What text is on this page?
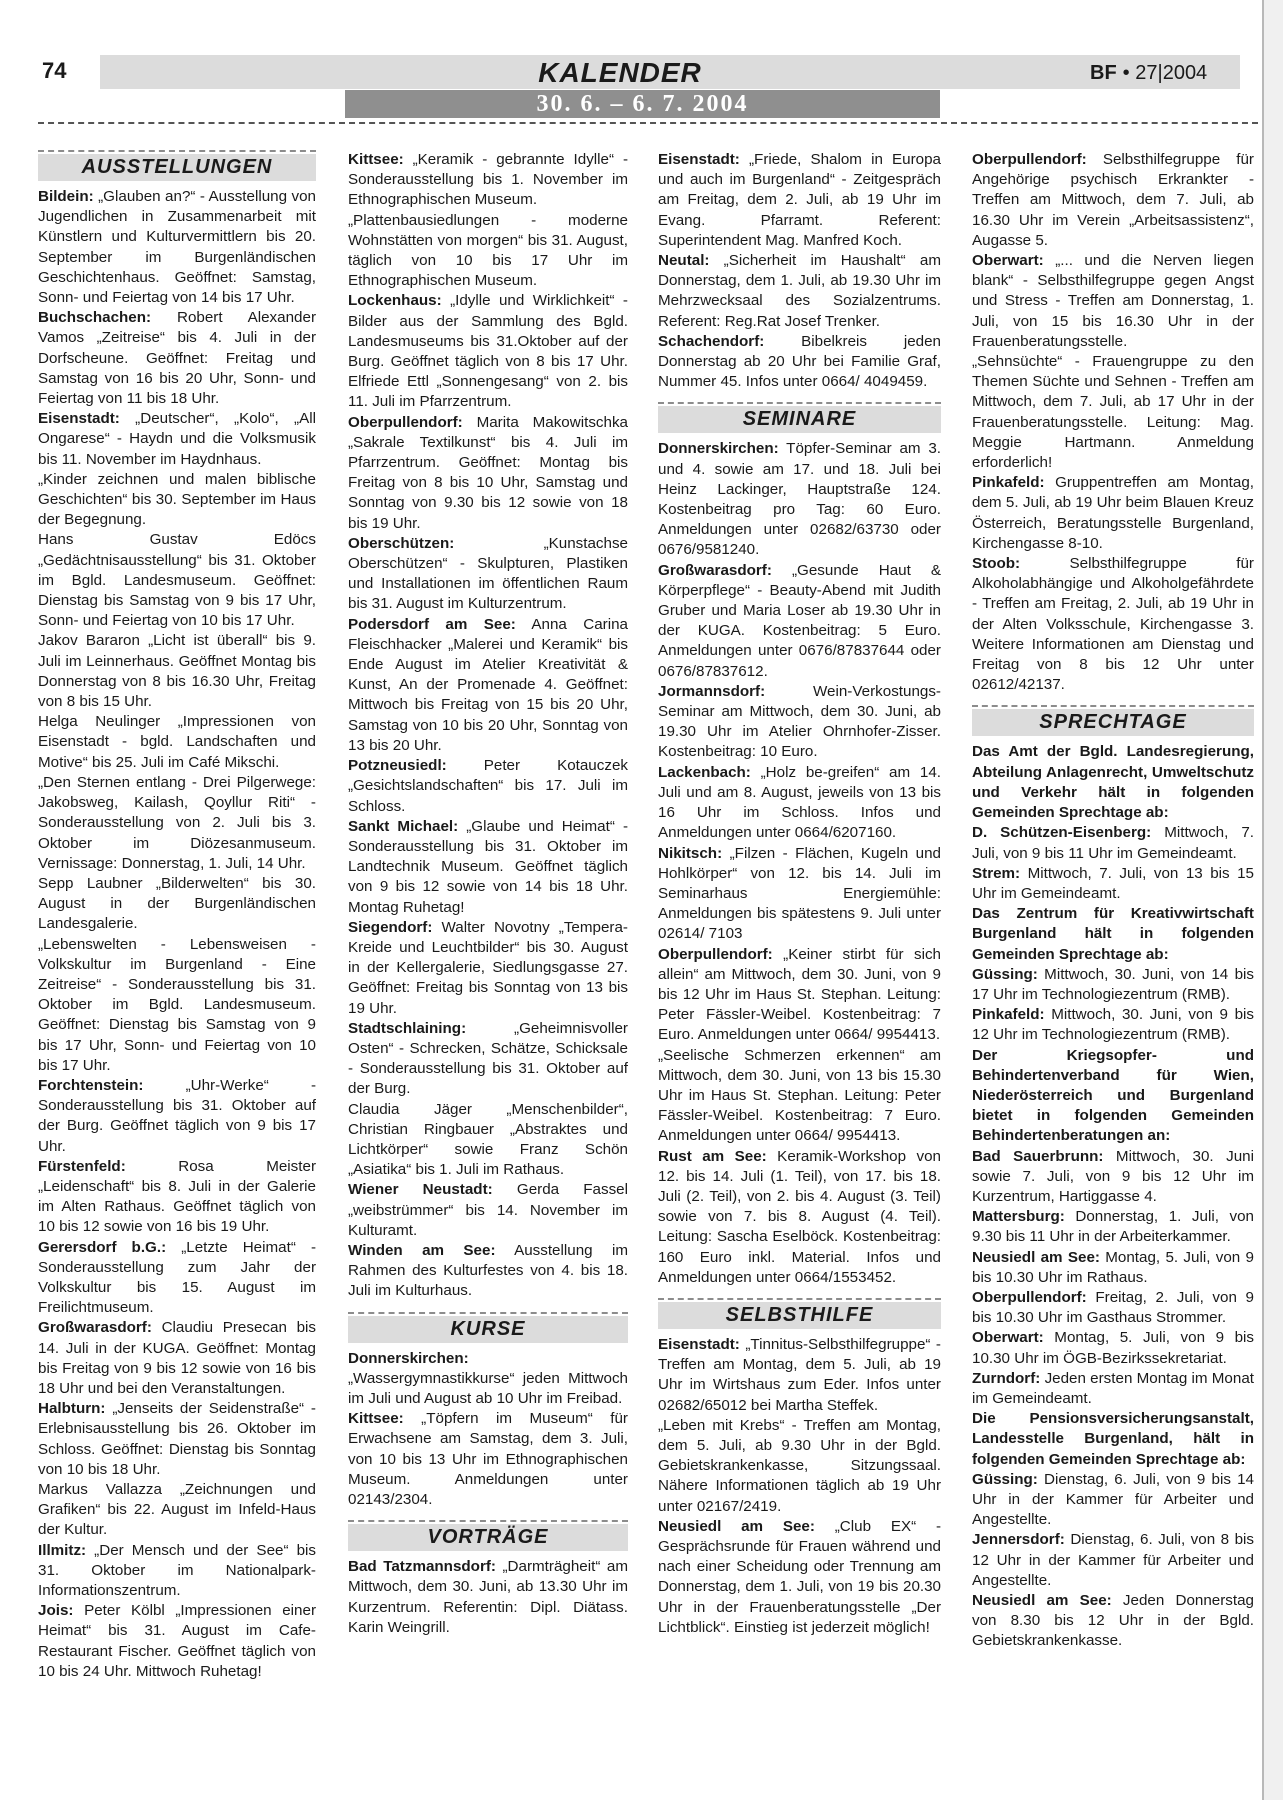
74	KALENDER	BF • 27|2004
30. 6. – 6. 7. 2004
AUSSTELLUNGEN

Bildein: „Glauben an?“ - Ausstellung von Jugendlichen in Zusammenarbeit mit Künstlern und Kulturvermittlern bis 20. September im Burgenländischen Geschichtenhaus. Geöffnet: Samstag, Sonn- und Feiertag von 14 bis 17 Uhr.

Buchschachen: Robert Alexander Vamos „Zeitreise“ bis 4. Juli in der Dorfscheune. Geöffnet: Freitag und Samstag von 16 bis 20 Uhr, Sonn- und Feiertag von 11 bis 18 Uhr.

Eisenstadt: „Deutscher“, „Kolo“, „All Ongarese“ - Haydn und die Volksmusik bis 11. November im Haydnhaus.

„Kinder zeichnen und malen biblische Geschichten“ bis 30. September im Haus der Begegnung.

Hans Gustav Edöcs „Gedächtnisausstellung“ bis 31. Oktober im Bgld. Landesmuseum. Geöffnet: Dienstag bis Samstag von 9 bis 17 Uhr, Sonn- und Feiertag von 10 bis 17 Uhr.

Jakov Bararon „Licht ist überall“ bis 9. Juli im Leinnerhaus. Geöffnet Montag bis Donnerstag von 8 bis 16.30 Uhr, Freitag von 8 bis 15 Uhr.

Helga Neulinger „Impressionen von Eisenstadt - bgld. Landschaften und Motive“ bis 25. Juli im Café Mikschi.

„Den Sternen entlang - Drei Pilgerwege: Jakobsweg, Kailash, Qoyllur Riti“ - Sonderausstellung von 2. Juli bis 3. Oktober im Diözesanmuseum. Vernissage: Donnerstag, 1. Juli, 14 Uhr.

Sepp Laubner „Bilderwelten“ bis 30. August in der Burgenländischen Landesgalerie.

„Lebenswelten - Lebensweisen - Volkskultur im Burgenland - Eine Zeitreise“ - Sonderausstellung bis 31. Oktober im Bgld. Landesmuseum. Geöffnet: Dienstag bis Samstag von 9 bis 17 Uhr, Sonn- und Feiertag von 10 bis 17 Uhr.

Forchtenstein: „Uhr-Werke“ - Sonderausstellung bis 31. Oktober auf der Burg. Geöffnet täglich von 9 bis 17 Uhr.

Fürstenfeld: Rosa Meister „Leidenschaft“ bis 8. Juli in der Galerie im Alten Rathaus. Geöffnet täglich von 10 bis 12 sowie von 16 bis 19 Uhr.

Gerersdorf b.G.: „Letzte Heimat“ - Sonderausstellung zum Jahr der Volkskultur bis 15. August im Freilichtmuseum.

Großwarasdorf: Claudiu Presecan bis 14. Juli in der KUGA. Geöffnet: Montag bis Freitag von 9 bis 12 sowie von 16 bis 18 Uhr und bei den Veranstaltungen.

Halbturn: „Jenseits der Seidenstraße“ - Erlebnisausstellung bis 26. Oktober im Schloss. Geöffnet: Dienstag bis Sonntag von 10 bis 18 Uhr.

Markus Vallazza „Zeichnungen und Grafiken“ bis 22. August im Infeld-Haus der Kultur.

Illmitz: „Der Mensch und der See“ bis 31. Oktober im Nationalpark-Informationszentrum.

Jois: Peter Kölbl „Impressionen einer Heimat“ bis 31. August im Cafe-Restaurant Fischer. Geöffnet täglich von 10 bis 24 Uhr. Mittwoch Ruhetag!

Kittsee: „Keramik - gebrannte Idylle“ - Sonderausstellung bis 1. November im Ethnographischen Museum.

„Plattenbausiedlungen - moderne Wohnstätten von morgen“ bis 31. August, täglich von 10 bis 17 Uhr im Ethnographischen Museum.

Lockenhaus: „Idylle und Wirklichkeit“ - Bilder aus der Sammlung des Bgld. Landesmuseums bis 31.Oktober auf der Burg. Geöffnet täglich von 8 bis 17 Uhr. Elfriede Ettl „Sonnengesang“ von 2. bis 11. Juli im Pfarrzentrum.

Oberpullendorf: Marita Makowitschka „Sakrale Textilkunst“ bis 4. Juli im Pfarrzentrum. Geöffnet: Montag bis Freitag von 8 bis 10 Uhr, Samstag und Sonntag von 9.30 bis 12 sowie von 18 bis 19 Uhr.

Oberschützen: „Kunstachse Oberschützen“ - Skulpturen, Plastiken und Installationen im öffentlichen Raum bis 31. August im Kulturzentrum.

Podersdorf am See: Anna Carina Fleischhacker „Malerei und Keramik“ bis Ende August im Atelier Kreativität & Kunst, An der Promenade 4. Geöffnet: Mittwoch bis Freitag von 15 bis 20 Uhr, Samstag von 10 bis 20 Uhr, Sonntag von 13 bis 20 Uhr.

Potzneusiedl: Peter Kotauczek „Gesichtslandschaften“ bis 17. Juli im Schloss.

Sankt Michael: „Glaube und Heimat“ - Sonderausstellung bis 31. Oktober im Landtechnik Museum. Geöffnet täglich von 9 bis 12 sowie von 14 bis 18 Uhr. Montag Ruhetag!

Siegendorf: Walter Novotny „Tempera-Kreide und Leuchtbilder“ bis 30. August in der Kellergalerie, Siedlungsgasse 27. Geöffnet: Freitag bis Sonntag von 13 bis 19 Uhr.

Stadtschlaining: „Geheimnisvoller Osten“ - Schrecken, Schätze, Schicksale - Sonderausstellung bis 31. Oktober auf der Burg.

Claudia Jäger „Menschenbilder“, Christian Ringbauer „Abstraktes und Lichtkörper“ sowie Franz Schön „Asiatika“ bis 1. Juli im Rathaus.

Wiener Neustadt: Gerda Fassel „weibstrümmer“ bis 14. November im Kulturamt.

Winden am See: Ausstellung im Rahmen des Kulturfestes von 4. bis 18. Juli im Kulturhaus.

KURSE

Donnerskirchen: „Wassergymnastikkurse“ jeden Mittwoch im Juli und August ab 10 Uhr im Freibad.

Kittsee: „Töpfern im Museum“ für Erwachsene am Samstag, dem 3. Juli, von 10 bis 13 Uhr im Ethnographischen Museum. Anmeldungen unter 02143/2304.

VORTRÄGE

Bad Tatzmannsdorf: „Darmträgheit“ am Mittwoch, dem 30. Juni, ab 13.30 Uhr im Kurzentrum. Referentin: Dipl. Diätass. Karin Weingrill.

Eisenstadt: „Friede, Shalom in Europa und auch im Burgenland“ - Zeitgespräch am Freitag, dem 2. Juli, ab 19 Uhr im Evang. Pfarramt. Referent: Superintendent Mag. Manfred Koch.

Neutal: „Sicherheit im Haushalt“ am Donnerstag, dem 1. Juli, ab 19.30 Uhr im Mehrzwecksaal des Sozialzentrums. Referent: Reg.Rat Josef Trenker.

Schachendorf: Bibelkreis jeden Donnerstag ab 20 Uhr bei Familie Graf, Nummer 45. Infos unter 0664/ 4049459.

SEMINARE

Donnerskirchen: Töpfer-Seminar am 3. und 4. sowie am 17. und 18. Juli bei Heinz Lackinger, Hauptstraße 124. Kostenbeitrag pro Tag: 60 Euro. Anmeldungen unter 02682/63730 oder 0676/9581240.

Großwarasdorf: „Gesunde Haut & Körperpflege“ - Beauty-Abend mit Judith Gruber und Maria Loser ab 19.30 Uhr in der KUGA. Kostenbeitrag: 5 Euro. Anmeldungen unter 0676/87837644 oder 0676/87837612.

Jormannsdorf: Wein-Verkostungs-Seminar am Mittwoch, dem 30. Juni, ab 19.30 Uhr im Atelier Ohrnhofer-Zisser. Kostenbeitrag: 10 Euro.

Lackenbach: „Holz be-greifen“ am 14. Juli und am 8. August, jeweils von 13 bis 16 Uhr im Schloss. Infos und Anmeldungen unter 0664/6207160.

Nikitsch: „Filzen - Flächen, Kugeln und Hohlkörper“ von 12. bis 14. Juli im Seminarhaus Energiemühle: Anmeldungen bis spätestens 9. Juli unter 02614/ 7103

Oberpullendorf: „Keiner stirbt für sich allein“ am Mittwoch, dem 30. Juni, von 9 bis 12 Uhr im Haus St. Stephan. Leitung: Peter Fässler-Weibel. Kostenbeitrag: 7 Euro. Anmeldungen unter 0664/ 9954413.

„Seelische Schmerzen erkennen“ am Mittwoch, dem 30. Juni, von 13 bis 15.30 Uhr im Haus St. Stephan. Leitung: Peter Fässler-Weibel. Kostenbeitrag: 7 Euro. Anmeldungen unter 0664/ 9954413.

Rust am See: Keramik-Workshop von 12. bis 14. Juli (1. Teil), von 17. bis 18. Juli (2. Teil), von 2. bis 4. August (3. Teil) sowie von 7. bis 8. August (4. Teil). Leitung: Sascha Eselböck. Kostenbeitrag: 160 Euro inkl. Material. Infos und Anmeldungen unter 0664/1553452.

SELBSTHILFE

Eisenstadt: „Tinnitus-Selbsthilfegruppe“ - Treffen am Montag, dem 5. Juli, ab 19 Uhr im Wirtshaus zum Eder. Infos unter 02682/65012 bei Martha Steffek.

„Leben mit Krebs“ - Treffen am Montag, dem 5. Juli, ab 9.30 Uhr in der Bgld. Gebietskrankenkasse, Sitzungssaal. Nähere Informationen täglich ab 19 Uhr unter 02167/2419.

Neusiedl am See: „Club EX“ - Gesprächsrunde für Frauen während und nach einer Scheidung oder Trennung am Donnerstag, dem 1. Juli, von 19 bis 20.30 Uhr in der Frauenberatungsstelle „Der Lichtblick“. Einstieg ist jederzeit möglich!

Oberpullendorf: Selbsthilfegruppe für Angehörige psychisch Erkrankter - Treffen am Mittwoch, dem 7. Juli, ab 16.30 Uhr im Verein „Arbeitsassistenz“, Augasse 5.

Oberwart: „... und die Nerven liegen blank“ - Selbsthilfegruppe gegen Angst und Stress - Treffen am Donnerstag, 1. Juli, von 15 bis 16.30 Uhr in der Frauenberatungsstelle.

„Sehnsüchte“ - Frauengruppe zu den Themen Süchte und Sehnen - Treffen am Mittwoch, dem 7. Juli, ab 17 Uhr in der Frauenberatungsstelle. Leitung: Mag. Meggie Hartmann. Anmeldung erforderlich!

Pinkafeld: Gruppentreffen am Montag, dem 5. Juli, ab 19 Uhr beim Blauen Kreuz Österreich, Beratungsstelle Burgenland, Kirchengasse 8-10.

Stoob: Selbsthilfegruppe für Alkoholabhängige und Alkoholgefährdete - Treffen am Freitag, 2. Juli, ab 19 Uhr in der Alten Volksschule, Kirchengasse 3. Weitere Informationen am Dienstag und Freitag von 8 bis 12 Uhr unter 02612/42137.

SPRECHTAGE

Das Amt der Bgld. Landesregierung, Abteilung Anlagenrecht, Umweltschutz und Verkehr hält in folgenden Gemeinden Sprechtage ab:

D. Schützen-Eisenberg: Mittwoch, 7. Juli, von 9 bis 11 Uhr im Gemeindeamt.

Strem: Mittwoch, 7. Juli, von 13 bis 15 Uhr im Gemeindeamt.

Das Zentrum für Kreativwirtschaft Burgenland hält in folgenden Gemeinden Sprechtage ab:

Güssing: Mittwoch, 30. Juni, von 14 bis 17 Uhr im Technologiezentrum (RMB).

Pinkafeld: Mittwoch, 30. Juni, von 9 bis 12 Uhr im Technologiezentrum (RMB).

Der Kriegsopfer- und Behindertenverband für Wien, Niederösterreich und Burgenland bietet in folgenden Gemeinden Behindertenberatungen an:

Bad Sauerbrunn: Mittwoch, 30. Juni sowie 7. Juli, von 9 bis 12 Uhr im Kurzentrum, Hartiggasse 4.

Mattersburg: Donnerstag, 1. Juli, von 9.30 bis 11 Uhr in der Arbeiterkammer.

Neusiedl am See: Montag, 5. Juli, von 9 bis 10.30 Uhr im Rathaus.

Oberpullendorf: Freitag, 2. Juli, von 9 bis 10.30 Uhr im Gasthaus Strommer.

Oberwart: Montag, 5. Juli, von 9 bis 10.30 Uhr im ÖGB-Bezirkssekretariat.

Zurndorf: Jeden ersten Montag im Monat im Gemeindeamt.

Die Pensionsversicherungsanstalt, Landesstelle Burgenland, hält in folgenden Gemeinden Sprechtage ab:

Güssing: Dienstag, 6. Juli, von 9 bis 14 Uhr in der Kammer für Arbeiter und Angestellte.

Jennersdorf: Dienstag, 6. Juli, von 8 bis 12 Uhr in der Kammer für Arbeiter und Angestellte.

Neusiedl am See: Jeden Donnerstag von 8.30 bis 12 Uhr in der Bgld. Gebietskrankenkasse.
